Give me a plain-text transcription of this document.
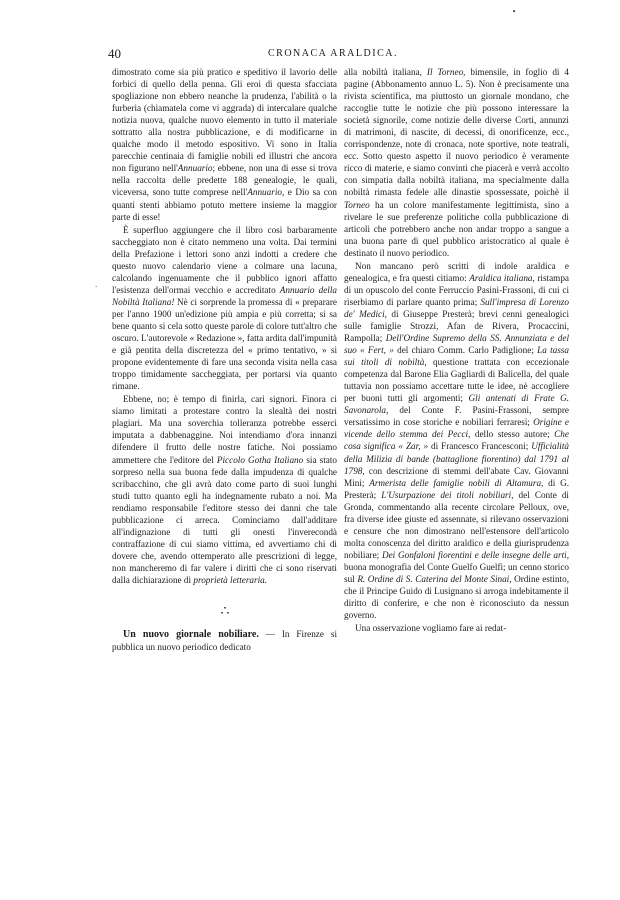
•
·
40	CRONACA ARALDICA.

dimostrato come sia più pratico e speditivo il lavorio delle forbici di quello della penna. Gli eroi di questa sfacciata spogliazione non ebbero neanche la prudenza, l'abilità o la furberia (chiamatela come vi aggrada) di intercalare qualche notizia nuova, qualche nuovo elemento in tutto il materiale sottratto alla nostra pubblicazione, e di modificarne in qualche modo il metodo espositivo. Vi sono in Italia parecchie centinaia di famiglie nobili ed illustri che ancora non figurano nell'Annuario; ebbene, non una di esse si trova nella raccolta delle predette 188 genealogie, le quali, viceversa, sono tutte comprese nell'Annuario, e Dio sa con quanti stenti abbiamo potuto mettere insieme la maggior parte di esse!

È superfluo aggiungere che il libro così barbaramente saccheggiato non è citato nemmeno una volta. Dai termini della Prefazione i lettori sono anzi indotti a credere che questo nuovo calendario viene a colmare una lacuna, calcolando ingenuamente che il pubblico ignori affatto l'esistenza dell'ormai vecchio e accreditato Annuario della Nobiltà Italiana! Nè ci sorprende la promessa di « preparare per l'anno 1900 un'edizione più ampia e più corretta; si sa bene quanto si cela sotto queste parole di colore tutt'altro che oscuro. L'autorevole « Redazione », fatta ardita dall'impunità e già pentita della discretezza del « primo tentativo, » si propone evidentemente di fare una seconda visita nella casa troppo timidamente saccheggiata, per portarsi via quanto rimane.

Ebbene, no; è tempo di finirla, cari signori. Finora ci siamo limitati a protestare contro la slealtà dei nostri plagiari. Ma una soverchia tolleranza potrebbe esserci imputata a dabbenaggine. Noi intendiamo d'ora innanzi difendere il frutto delle nostre fatiche. Noi possiamo ammettere che l'editore del Piccolo Gotha Italiano sia stato sorpreso nella sua buona fede dalla impudenza di qualche scribacchino, che gli avrà dato come parto di suoi lunghi studi tutto quanto egli ha indegnamente rubato a noi. Ma rendiamo responsabile l'editore stesso dei danni che tale pubblicazione ci arreca. Cominciamo dall'additare all'indignazione di tutti gli onesti l'inverecondà contraffazione di cui siamo vittima, ed avvertiamo chi di dovere che, avendo ottemperato alle prescrizioni di legge, non mancheremo di far valere i diritti che ci sono riservati dalla dichiarazione di proprietà letteraria.

∴

Un nuovo giornale nobiliare. — In Firenze si pubblica un nuovo periodico dedicato

alla nobiltà italiana, Il Torneo, bimensile, in foglio di 4 pagine (Abbonamento annuo L. 5). Non è precisamente una rivista scientifica, ma piuttosto un giornale mondano, che raccoglie tutte le notizie che più possono interessare la società signorile, come notizie delle diverse Corti, annunzi di matrimoni, di nascite, di decessi, di onorificenze, ecc., corrispondenze, note di cronaca, note sportive, note teatrali, ecc. Sotto questo aspetto il nuovo periodico è veramente ricco di materie, e siamo convinti che piacerà e verrà accolto con simpatia dalla nobiltà italiana, ma specialmente dalla nobiltà rimasta fedele alle dinastie spossessate, poichè il Torneo ha un colore manifestamente legittimista, sino a rivelare le sue preferenze politiche colla pubblicazione di articoli che potrebbero anche non andar troppo a sangue a una buona parte di quel pubblico aristocratico al quale è destinato il nuovo periodico.

Non mancano però scritti di indole araldica e genealogica, e fra questi citiamo: Araldica italiana, ristampa di un opuscolo del conte Ferruccio Pasini-Frassoni, di cui ci riserbiamo di parlare quanto prima; Sull'impresa di Lorenzo de' Medici, di Giuseppe Presterà; brevi cenni genealogici sulle famiglie Strozzi, Afan de Rivera, Procaccini, Rampolla; Dell'Ordine Supremo della SS. Annunziata e del suo « Fert, » del chiaro Comm. Carlo Padiglione; La tassa sui titoli di nobiltà, questione trattata con eccezionale competenza dal Barone Elia Gagliardi di Balicella, del quale tuttavia non possiamo accettare tutte le idee, nè accogliere per buoni tutti gli argomenti; Gli antenati di Frate G. Savonarola, del Conte F. Pasini-Frassoni, sempre versatissimo in cose storiche e nobiliari ferraresi; Origine e vicende dello stemma dei Pecci, dello stesso autore; Che cosa significa « Zar, » di Francesco Francesconi; Ufficialità della Milizia di bande (battaglione fiorentino) dal 1791 al 1798, con descrizione di stemmi dell'abate Cav. Giovanni Mini; Armerista delle famiglie nobili di Altamura, di G. Presterà; L'Usurpazione dei titoli nobiliari, del Conte di Gronda, commentando alla recente circolare Pelloux, ove, fra diverse idee giuste ed assennate, si rilevano osservazioni e censure che non dimostrano nell'estensore dell'articolo molta conoscenza del diritto araldico e della giurisprudenza nobiliare; Dei Gonfaloni fiorentini e delle insegne delle arti, buona monografia del Conte Guelfo Guelfi; un cenno storico sul R. Ordine di S. Caterina del Monte Sinai, Ordine estinto, che il Principe Guido di Lusignano si arroga indebitamente il diritto di conferire, e che non è riconosciuto da nessun governo.

Una osservazione vogliamo fare ai redat-
